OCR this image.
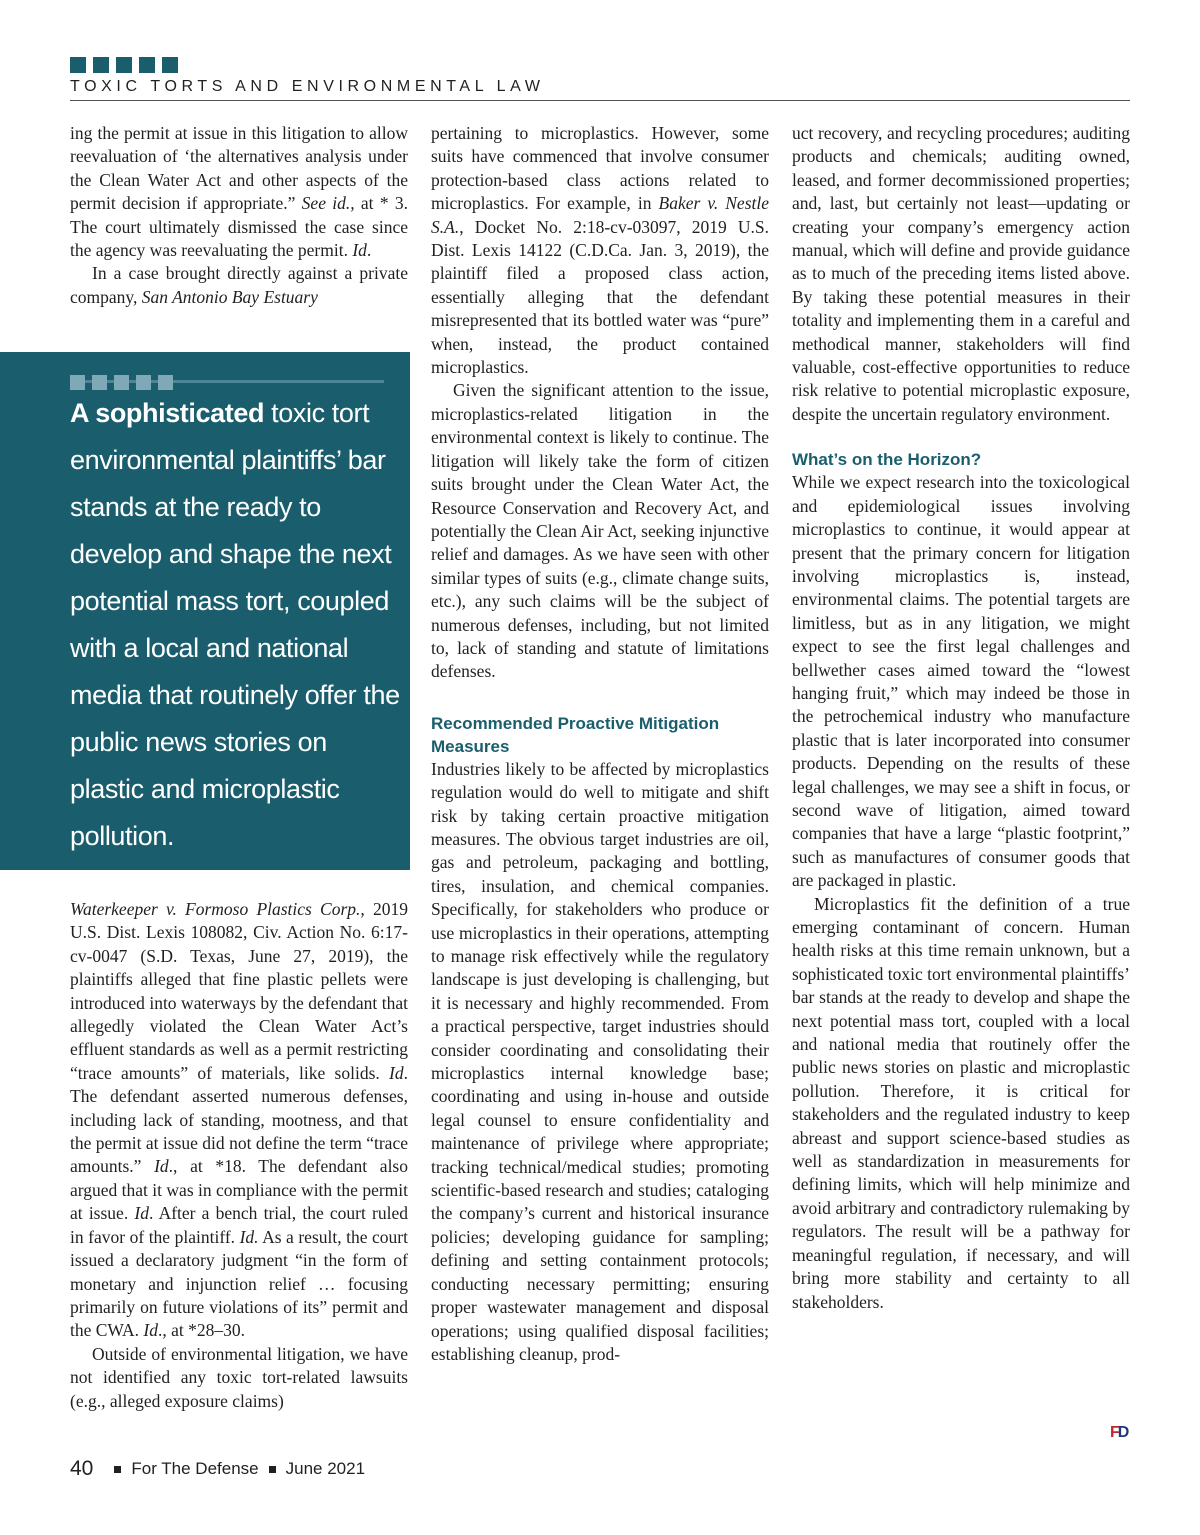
TOXIC TORTS AND ENVIRONMENTAL LAW

ing the permit at issue in this litigation to allow reevaluation of ‘the alternatives analysis under the Clean Water Act and other aspects of the permit decision if appropriate.” See id., at * 3. The court ultimately dismissed the case since the agency was reevaluating the permit. Id.

In a case brought directly against a private company, San Antonio Bay Estuary

A sophisticated toxic tort environmental plaintiffs’ bar stands at the ready to develop and shape the next potential mass tort, coupled with a local and national media that routinely offer the public news stories on plastic and microplastic pollution.

Waterkeeper v. Formoso Plastics Corp., 2019 U.S. Dist. Lexis 108082, Civ. Action No. 6:17-cv-0047 (S.D. Texas, June 27, 2019), the plaintiffs alleged that fine plastic pellets were introduced into waterways by the defendant that allegedly violated the Clean Water Act’s effluent standards as well as a permit restricting “trace amounts” of materials, like solids. Id. The defendant asserted numerous defenses, including lack of standing, mootness, and that the permit at issue did not define the term “trace amounts.” Id., at *18. The defendant also argued that it was in compliance with the permit at issue. Id. After a bench trial, the court ruled in favor of the plaintiff. Id. As a result, the court issued a declaratory judgment “in the form of monetary and injunction relief … focusing primarily on future violations of its” permit and the CWA. Id., at *28–30.

Outside of environmental litigation, we have not identified any toxic tort-related lawsuits (e.g., alleged exposure claims)

pertaining to microplastics. However, some suits have commenced that involve consumer protection-based class actions related to microplastics. For example, in Baker v. Nestle S.A., Docket No. 2:18-cv-03097, 2019 U.S. Dist. Lexis 14122 (C.D.Ca. Jan. 3, 2019), the plaintiff filed a proposed class action, essentially alleging that the defendant misrepresented that its bottled water was “pure” when, instead, the product contained microplastics.

Given the significant attention to the issue, microplastics-related litigation in the environmental context is likely to continue. The litigation will likely take the form of citizen suits brought under the Clean Water Act, the Resource Conservation and Recovery Act, and potentially the Clean Air Act, seeking injunctive relief and damages. As we have seen with other similar types of suits (e.g., climate change suits, etc.), any such claims will be the subject of numerous defenses, including, but not limited to, lack of standing and statute of limitations defenses.

Recommended Proactive Mitigation Measures

Industries likely to be affected by microplastics regulation would do well to mitigate and shift risk by taking certain proactive mitigation measures. The obvious target industries are oil, gas and petroleum, packaging and bottling, tires, insulation, and chemical companies. Specifically, for stakeholders who produce or use microplastics in their operations, attempting to manage risk effectively while the regulatory landscape is just developing is challenging, but it is necessary and highly recommended. From a practical perspective, target industries should consider coordinating and consolidating their microplastics internal knowledge base; coordinating and using in-house and outside legal counsel to ensure confidentiality and maintenance of privilege where appropriate; tracking technical/medical studies; promoting scientific-based research and studies; cataloging the company’s current and historical insurance policies; developing guidance for sampling; defining and setting containment protocols; conducting necessary permitting; ensuring proper wastewater management and disposal operations; using qualified disposal facilities; establishing cleanup, prod-

uct recovery, and recycling procedures; auditing products and chemicals; auditing owned, leased, and former decommissioned properties; and, last, but certainly not least—updating or creating your company’s emergency action manual, which will define and provide guidance as to much of the preceding items listed above. By taking these potential measures in their totality and implementing them in a careful and methodical manner, stakeholders will find valuable, cost-effective opportunities to reduce risk relative to potential microplastic exposure, despite the uncertain regulatory environment.

What’s on the Horizon?

While we expect research into the toxicological and epidemiological issues involving microplastics to continue, it would appear at present that the primary concern for litigation involving microplastics is, instead, environmental claims. The potential targets are limitless, but as in any litigation, we might expect to see the first legal challenges and bellwether cases aimed toward the “lowest hanging fruit,” which may indeed be those in the petrochemical industry who manufacture plastic that is later incorporated into consumer products. Depending on the results of these legal challenges, we may see a shift in focus, or second wave of litigation, aimed toward companies that have a large “plastic footprint,” such as manufactures of consumer goods that are packaged in plastic.

Microplastics fit the definition of a true emerging contaminant of concern. Human health risks at this time remain unknown, but a sophisticated toxic tort environmental plaintiffs’ bar stands at the ready to develop and shape the next potential mass tort, coupled with a local and national media that routinely offer the public news stories on plastic and microplastic pollution. Therefore, it is critical for stakeholders and the regulated industry to keep abreast and support science-based studies as well as standardization in measurements for defining limits, which will help minimize and avoid arbitrary and contradictory rulemaking by regulators. The result will be a pathway for meaningful regulation, if necessary, and will bring more stability and certainty to all stakeholders.

FD
40 For The Defense June 2021
